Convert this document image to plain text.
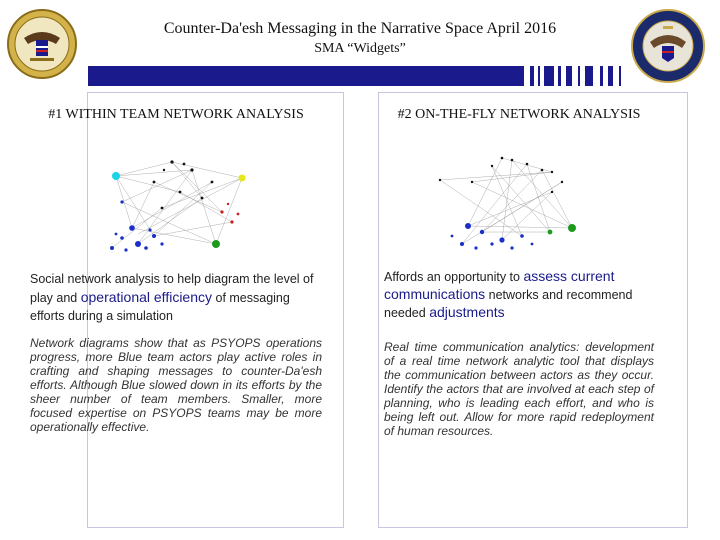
Counter-Da'esh Messaging in the Narrative Space April 2016
SMA “Widgets”
#1 WITHIN TEAM NETWORK ANALYSIS
Social network analysis to help diagram the level of play and operational efficiency of messaging efforts during a simulation
Network diagrams show that as PSYOPS operations progress, more Blue team actors play active roles in crafting and shaping messages to counter-Da'esh efforts. Although Blue slowed down in its efforts by the sheer number of team members. Smaller, more focused expertise on PSYOPS teams may be more operationally effective.
#2 ON-THE-FLY NETWORK ANALYSIS
Affords an opportunity to assess current communications networks and recommend needed adjustments
Real time communication analytics: development of a real time network analytic tool that displays the communication between actors as they occur. Identify the actors that are involved at each step of planning, who is leading each effort, and who is being left out. Allow for more rapid redeployment of human resources.
